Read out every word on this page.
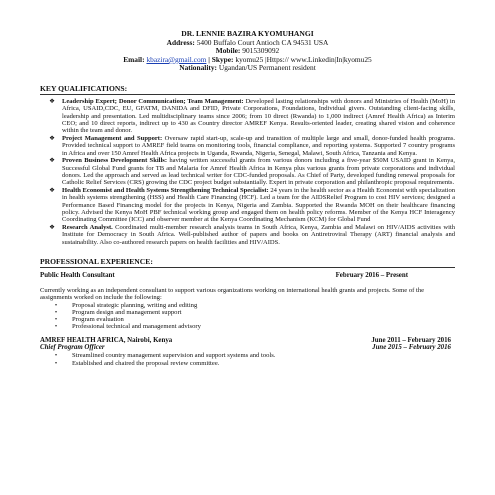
DR. LENNIE BAZIRA KYOMUHANGI
Address: 5400 Buffalo Court Antioch CA 94531 USA
Mobile: 9015309092
Email: kbazira@gmail.com | Skype: kyomu25 |Https:// www.Linkedin|In|kyomu25
Nationality: Ugandan/US Permanent resident
KEY QUALIFICATIONS:
❖	Leadership Expert; Donor Communication; Team Management: Developed lasting relationships with donors and Ministries of Health (MoH) in Africa, USAID,CDC, EU, GFATM, DANIDA and DFID, Private Corporations, Foundations, Individual givers. Outstanding client-facing skills, leadership and presentation. Led multidisciplinary teams since 2006; from 10 direct (Rwanda) to 1,000 indirect (Amref Health Africa) as Interim CEO; and 10 direct reports, indirect up to 430 as Country director AMREF Kenya. Results-oriented leader, creating shared vision and coherence within the team and donor.
❖	Project Management and Support: Oversaw rapid start-up, scale-up and transition of multiple large and small, donor-funded health programs. Provided technical support to AMREF field teams on monitoring tools, financial compliance, and reporting systems. Supported 7 country programs in Africa and over 150 Amref Health Africa projects in Uganda, Rwanda, Nigeria, Senegal, Malawi, South Africa, Tanzania and Kenya.
❖	Proven Business Development Skills: having written successful grants from various donors including a five-year $50M USAID grant in Kenya, Successful Global Fund grants for TB and Malaria for Amref Health Africa in Kenya plus various grants from private corporations and individual donors. Led the approach and served as lead technical writer for CDC-funded proposals. As Chief of Party, developed funding renewal proposals for Catholic Relief Services (CRS) growing the CDC project budget substantially. Expert in private corporation and philanthropic proposal requirements.
❖	Health Economist and Health Systems Strengthening Technical Specialist: 24 years in the health sector as a Health Economist with specialization in health systems strengthening (HSS) and Health Care Financing (HCF). Led a team for the AIDSRelief Program to cost HIV services; designed a Performance Based Financing model for the projects in Kenya, Nigeria and Zambia. Supported the Rwanda MOH on their healthcare financing policy. Advised the Kenya MoH PBF technical working group and engaged them on health policy reforms. Member of the Kenya HCF Interagency Coordinating Committee (ICC) and observer member at the Kenya Coordinating Mechanism (KCM) for Global Fund
❖	Research Analyst. Coordinated multi-member research analysis teams in South Africa, Kenya, Zambia and Malawi on HIV/AIDS activities with Institute for Democracy in South Africa. Well-published author of papers and books on Antiretroviral Therapy (ART) financial analysis and sustainability. Also co-authored research papers on health facilities and HIV/AIDS.
PROFESSIONAL EXPERIENCE:
Public Health Consultant	February 2016 – Present
Currently working as an independent consultant to support various organizations working on international health grants and projects. Some of the assignments worked on include the following:
•	Proposal strategic planning, writing and editing
•	Program design and management support
•	Program evaluation
•	Professional technical and management advisory
AMREF HEALTH AFRICA, Nairobi, Kenya	June 2011 – February 2016
Chief Program Officer	June 2015 – February 2016
•	Streamlined country management supervision and support systems and tools.
•	Established and chaired the proposal review committee.
